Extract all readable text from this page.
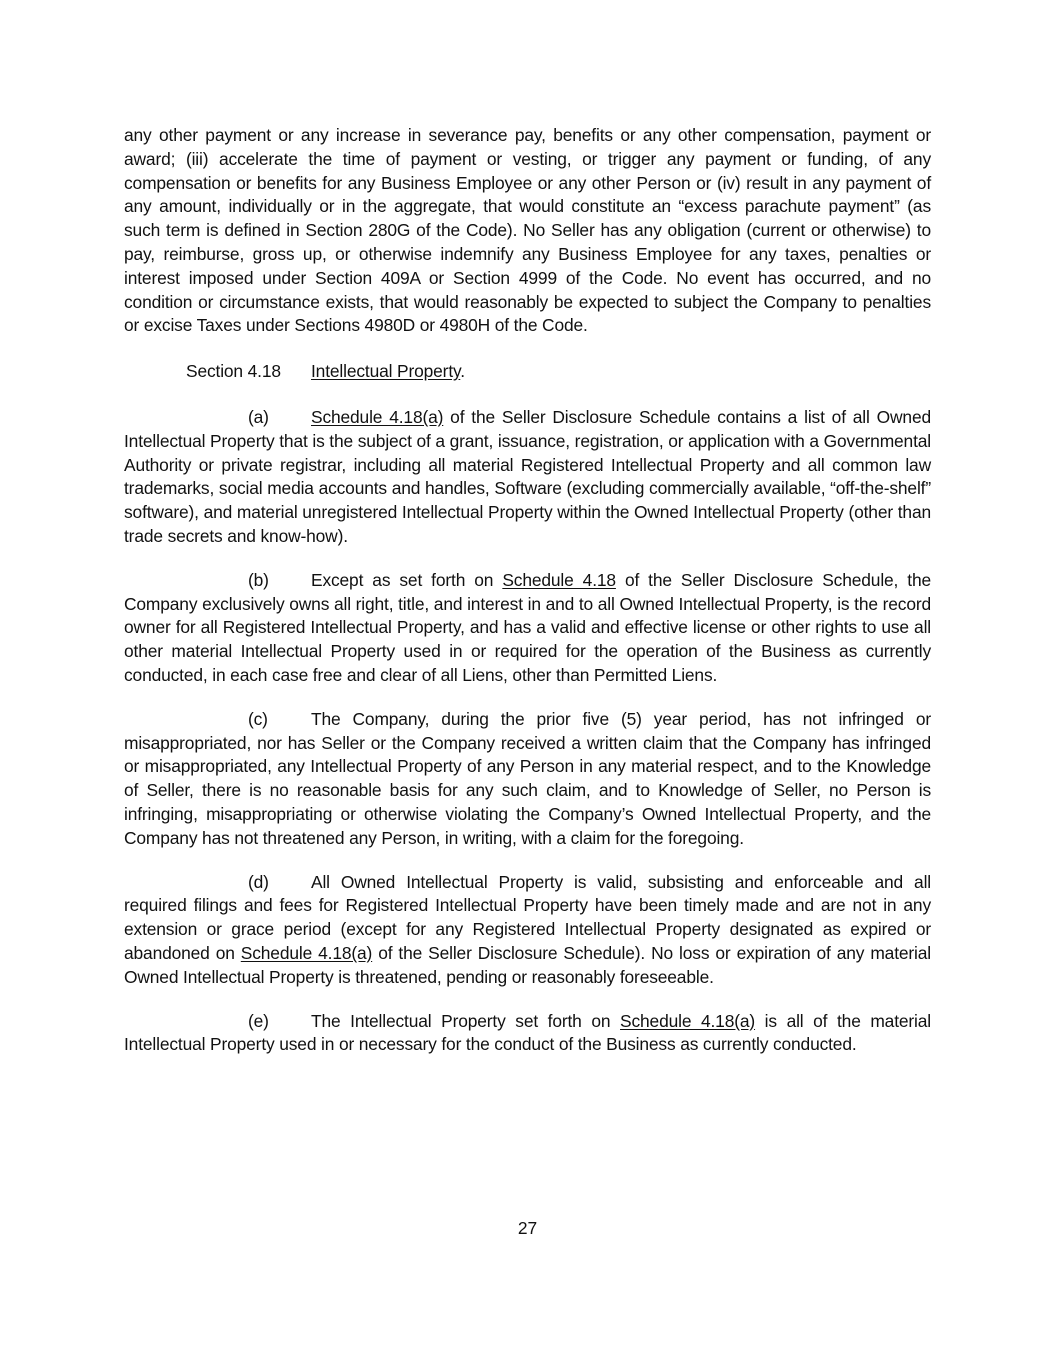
any other payment or any increase in severance pay, benefits or any other compensation, payment or award; (iii) accelerate the time of payment or vesting, or trigger any payment or funding, of any compensation or benefits for any Business Employee or any other Person or (iv) result in any payment of any amount, individually or in the aggregate, that would constitute an “excess parachute payment” (as such term is defined in Section 280G of the Code). No Seller has any obligation (current or otherwise) to pay, reimburse, gross up, or otherwise indemnify any Business Employee for any taxes, penalties or interest imposed under Section 409A or Section 4999 of the Code. No event has occurred, and no condition or circumstance exists, that would reasonably be expected to subject the Company to penalties or excise Taxes under Sections 4980D or 4980H of the Code.

Section 4.18 Intellectual Property.

(a) Schedule 4.18(a) of the Seller Disclosure Schedule contains a list of all Owned Intellectual Property that is the subject of a grant, issuance, registration, or application with a Governmental Authority or private registrar, including all material Registered Intellectual Property and all common law trademarks, social media accounts and handles, Software (excluding commercially available, “off-the-shelf” software), and material unregistered Intellectual Property within the Owned Intellectual Property (other than trade secrets and know-how).

(b) Except as set forth on Schedule 4.18 of the Seller Disclosure Schedule, the Company exclusively owns all right, title, and interest in and to all Owned Intellectual Property, is the record owner for all Registered Intellectual Property, and has a valid and effective license or other rights to use all other material Intellectual Property used in or required for the operation of the Business as currently conducted, in each case free and clear of all Liens, other than Permitted Liens.

(c) The Company, during the prior five (5) year period, has not infringed or misappropriated, nor has Seller or the Company received a written claim that the Company has infringed or misappropriated, any Intellectual Property of any Person in any material respect, and to the Knowledge of Seller, there is no reasonable basis for any such claim, and to Knowledge of Seller, no Person is infringing, misappropriating or otherwise violating the Company’s Owned Intellectual Property, and the Company has not threatened any Person, in writing, with a claim for the foregoing.

(d) All Owned Intellectual Property is valid, subsisting and enforceable and all required filings and fees for Registered Intellectual Property have been timely made and are not in any extension or grace period (except for any Registered Intellectual Property designated as expired or abandoned on Schedule 4.18(a) of the Seller Disclosure Schedule). No loss or expiration of any material Owned Intellectual Property is threatened, pending or reasonably foreseeable.

(e) The Intellectual Property set forth on Schedule 4.18(a) is all of the material Intellectual Property used in or necessary for the conduct of the Business as currently conducted.

27
